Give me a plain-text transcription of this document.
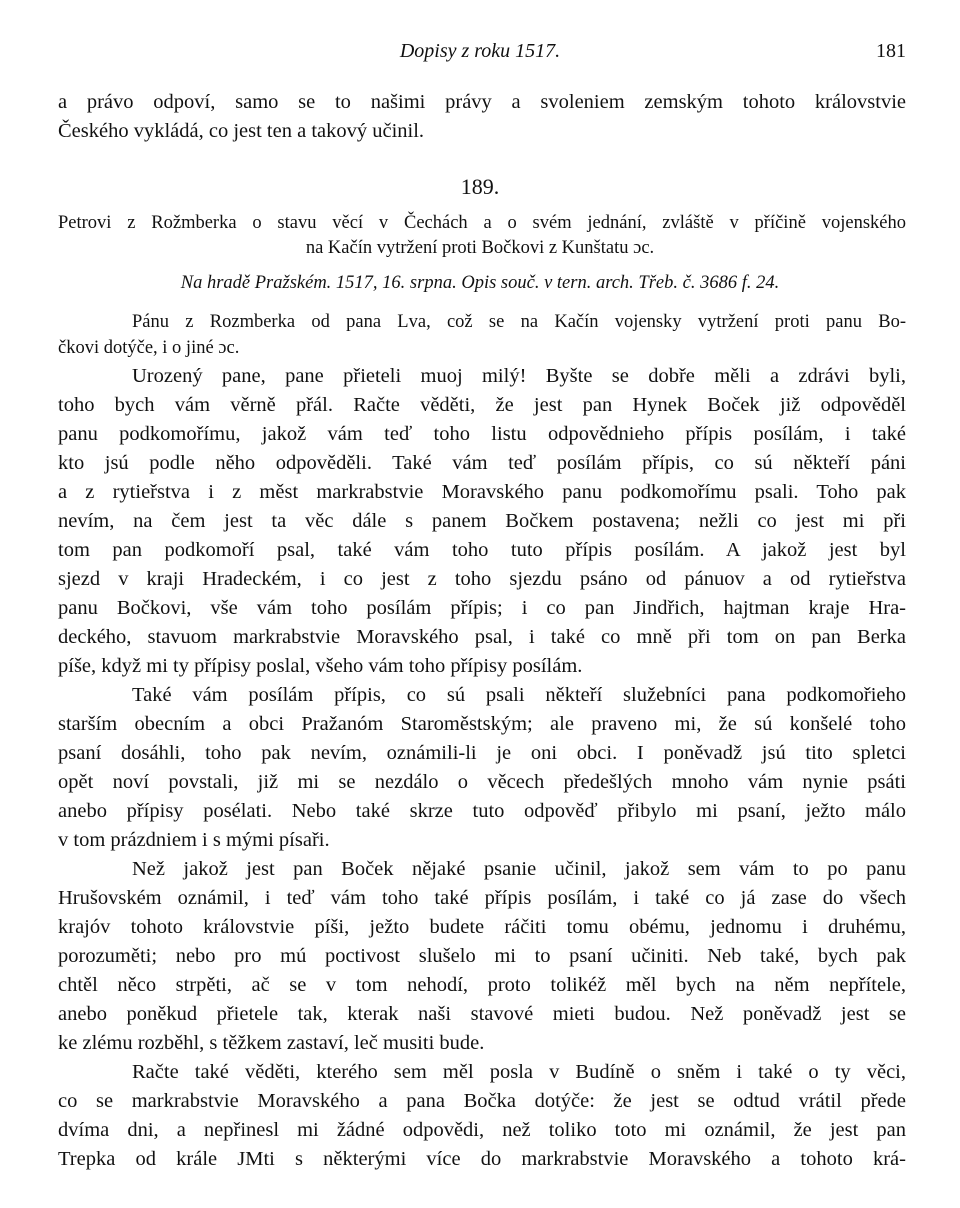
Dopisy z roku 1517.	181
a právo odpoví, samo se to našimi právy a svoleniem zemským tohoto královstvie
Českého vykládá, co jest ten a takový učinil.
189.
Petrovi z Rožmberka o stavu věcí v Čechách a o svém jednání, zvláště v příčině vojenského
na Kačín vytržení proti Bočkovi z Kunštatu ɔc.
Na hradě Pražském. 1517, 16. srpna. Opis souč. v tern. arch. Třeb. č. 3686 f. 24.
Pánu z Rozmberka od pana Lva, což se na Kačín vojensky vytržení proti panu Bo-
čkovi dotýče, i o jiné ɔc.
Urozený pane, pane přieteli muoj milý! Byšte se dobře měli a zdrávi byli,
toho bych vám věrně přál. Račte věděti, že jest pan Hynek Boček již odpověděl
panu podkomořímu, jakož vám teď toho listu odpovědnieho přípis posílám, i také
kto jsú podle něho odpověděli. Také vám teď posílám přípis, co sú někteří páni
a z rytieřstva i z měst markrabstvie Moravského panu podkomořímu psali. Toho pak
nevím, na čem jest ta věc dále s panem Bočkem postavena; nežli co jest mi při
tom pan podkomoří psal, také vám toho tuto přípis posílám. A jakož jest byl
sjezd v kraji Hradeckém, i co jest z toho sjezdu psáno od pánuov a od rytieřstva
panu Bočkovi, vše vám toho posílám přípis; i co pan Jindřich, hajtman kraje Hra-
deckého, stavuom markrabstvie Moravského psal, i také co mně při tom on pan Berka
píše, když mi ty přípisy poslal, všeho vám toho přípisy posílám.
Také vám posílám přípis, co sú psali někteří služebníci pana podkomořieho
starším obecním a obci Pražanóm Staroměstským; ale praveno mi, že sú konšelé toho
psaní dosáhli, toho pak nevím, oznámili-li je oni obci. I poněvadž jsú tito spletci
opět noví povstali, již mi se nezdálo o věcech předešlých mnoho vám nynie psáti
anebo přípisy posélati. Nebo také skrze tuto odpověď přibylo mi psaní, ježto málo
v tom prázdniem i s mými písaři.
Než jakož jest pan Boček nějaké psanie učinil, jakož sem vám to po panu
Hrušovském oznámil, i teď vám toho také přípis posílám, i také co já zase do všech
krajóv tohoto královstvie píši, ježto budete ráčiti tomu obému, jednomu i druhému,
porozuměti; nebo pro mú poctivost slušelo mi to psaní učiniti. Neb také, bych pak
chtěl něco strpěti, ač se v tom nehodí, proto tolikéž měl bych na něm nepřítele,
anebo poněkud přietele tak, kterak naši stavové mieti budou. Než poněvadž jest se
ke zlému rozběhl, s těžkem zastaví, leč musiti bude.
Račte také věděti, kterého sem měl posla v Budíně o sněm i také o ty věci,
co se markrabstvie Moravského a pana Bočka dotýče: že jest se odtud vrátil přede
dvíma dni, a nepřinesl mi žádné odpovědi, než toliko toto mi oznámil, že jest pan
Trepka od krále JMti s některými více do markrabstvie Moravského a tohoto krá-
